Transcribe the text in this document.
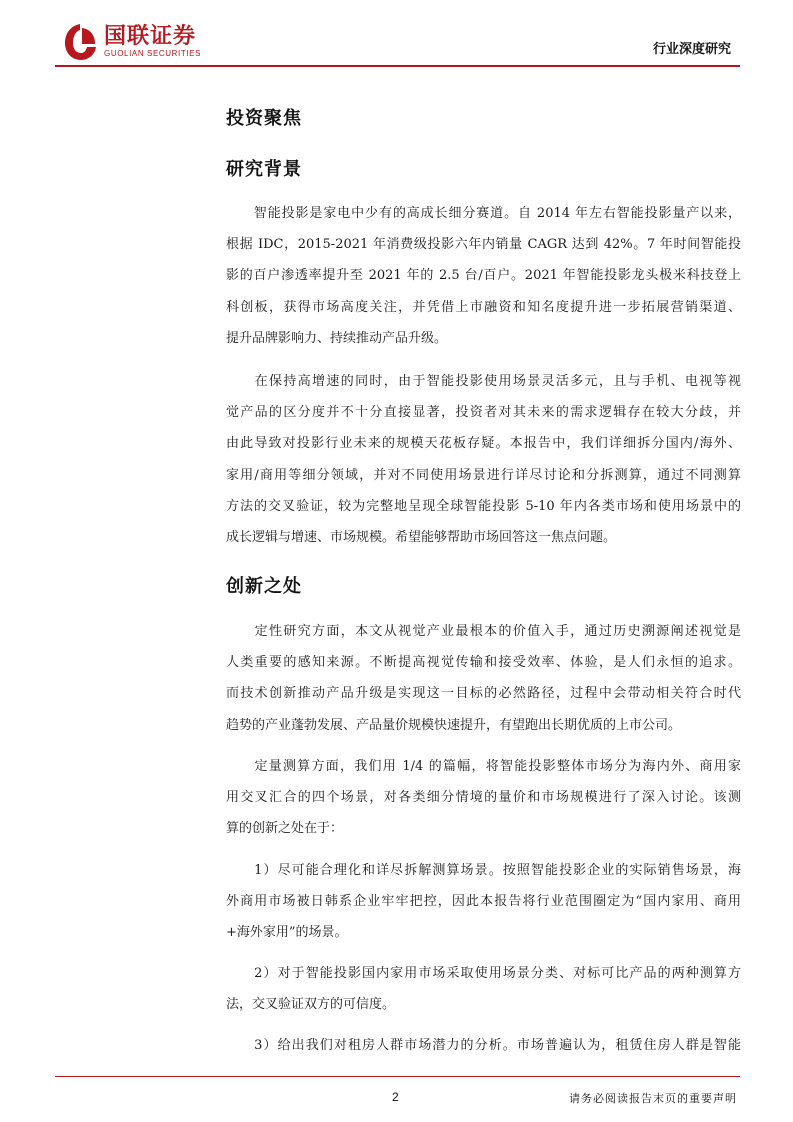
国联证券
GUOLIAN SECURITIES	行业深度研究
投资聚焦
研究背景
　　智能投影是家电中少有的高成长细分赛道。自 2014 年左右智能投影量产以来，
根据 IDC，2015-2021 年消费级投影六年内销量 CAGR 达到 42%。7 年时间智能投
影的百户渗透率提升至 2021 年的 2.5 台/百户。2021 年智能投影龙头极米科技登上
科创板，获得市场高度关注，并凭借上市融资和知名度提升进一步拓展营销渠道、
提升品牌影响力、持续推动产品升级。
　　在保持高增速的同时，由于智能投影使用场景灵活多元，且与手机、电视等视
觉产品的区分度并不十分直接显著，投资者对其未来的需求逻辑存在较大分歧，并
由此导致对投影行业未来的规模天花板存疑。本报告中，我们详细拆分国内/海外、
家用/商用等细分领域，并对不同使用场景进行详尽讨论和分拆测算，通过不同测算
方法的交叉验证，较为完整地呈现全球智能投影 5-10 年内各类市场和使用场景中的
成长逻辑与增速、市场规模。希望能够帮助市场回答这一焦点问题。
创新之处
　　定性研究方面，本文从视觉产业最根本的价值入手，通过历史溯源阐述视觉是
人类重要的感知来源。不断提高视觉传输和接受效率、体验，是人们永恒的追求。
而技术创新推动产品升级是实现这一目标的必然路径，过程中会带动相关符合时代
趋势的产业蓬勃发展、产品量价规模快速提升，有望跑出长期优质的上市公司。
　　定量测算方面，我们用 1/4 的篇幅，将智能投影整体市场分为海内外、商用家
用交叉汇合的四个场景，对各类细分情境的量价和市场规模进行了深入讨论。该测
算的创新之处在于：
　　1）尽可能合理化和详尽拆解测算场景。按照智能投影企业的实际销售场景，海
外商用市场被日韩系企业牢牢把控，因此本报告将行业范围圈定为“国内家用、商用
+海外家用”的场景。
　　2）对于智能投影国内家用市场采取使用场景分类、对标可比产品的两种测算方
法，交叉验证双方的可信度。
　　3）给出我们对租房人群市场潜力的分析。市场普遍认为，租赁住房人群是智能
2	请务必阅读报告末页的重要声明
